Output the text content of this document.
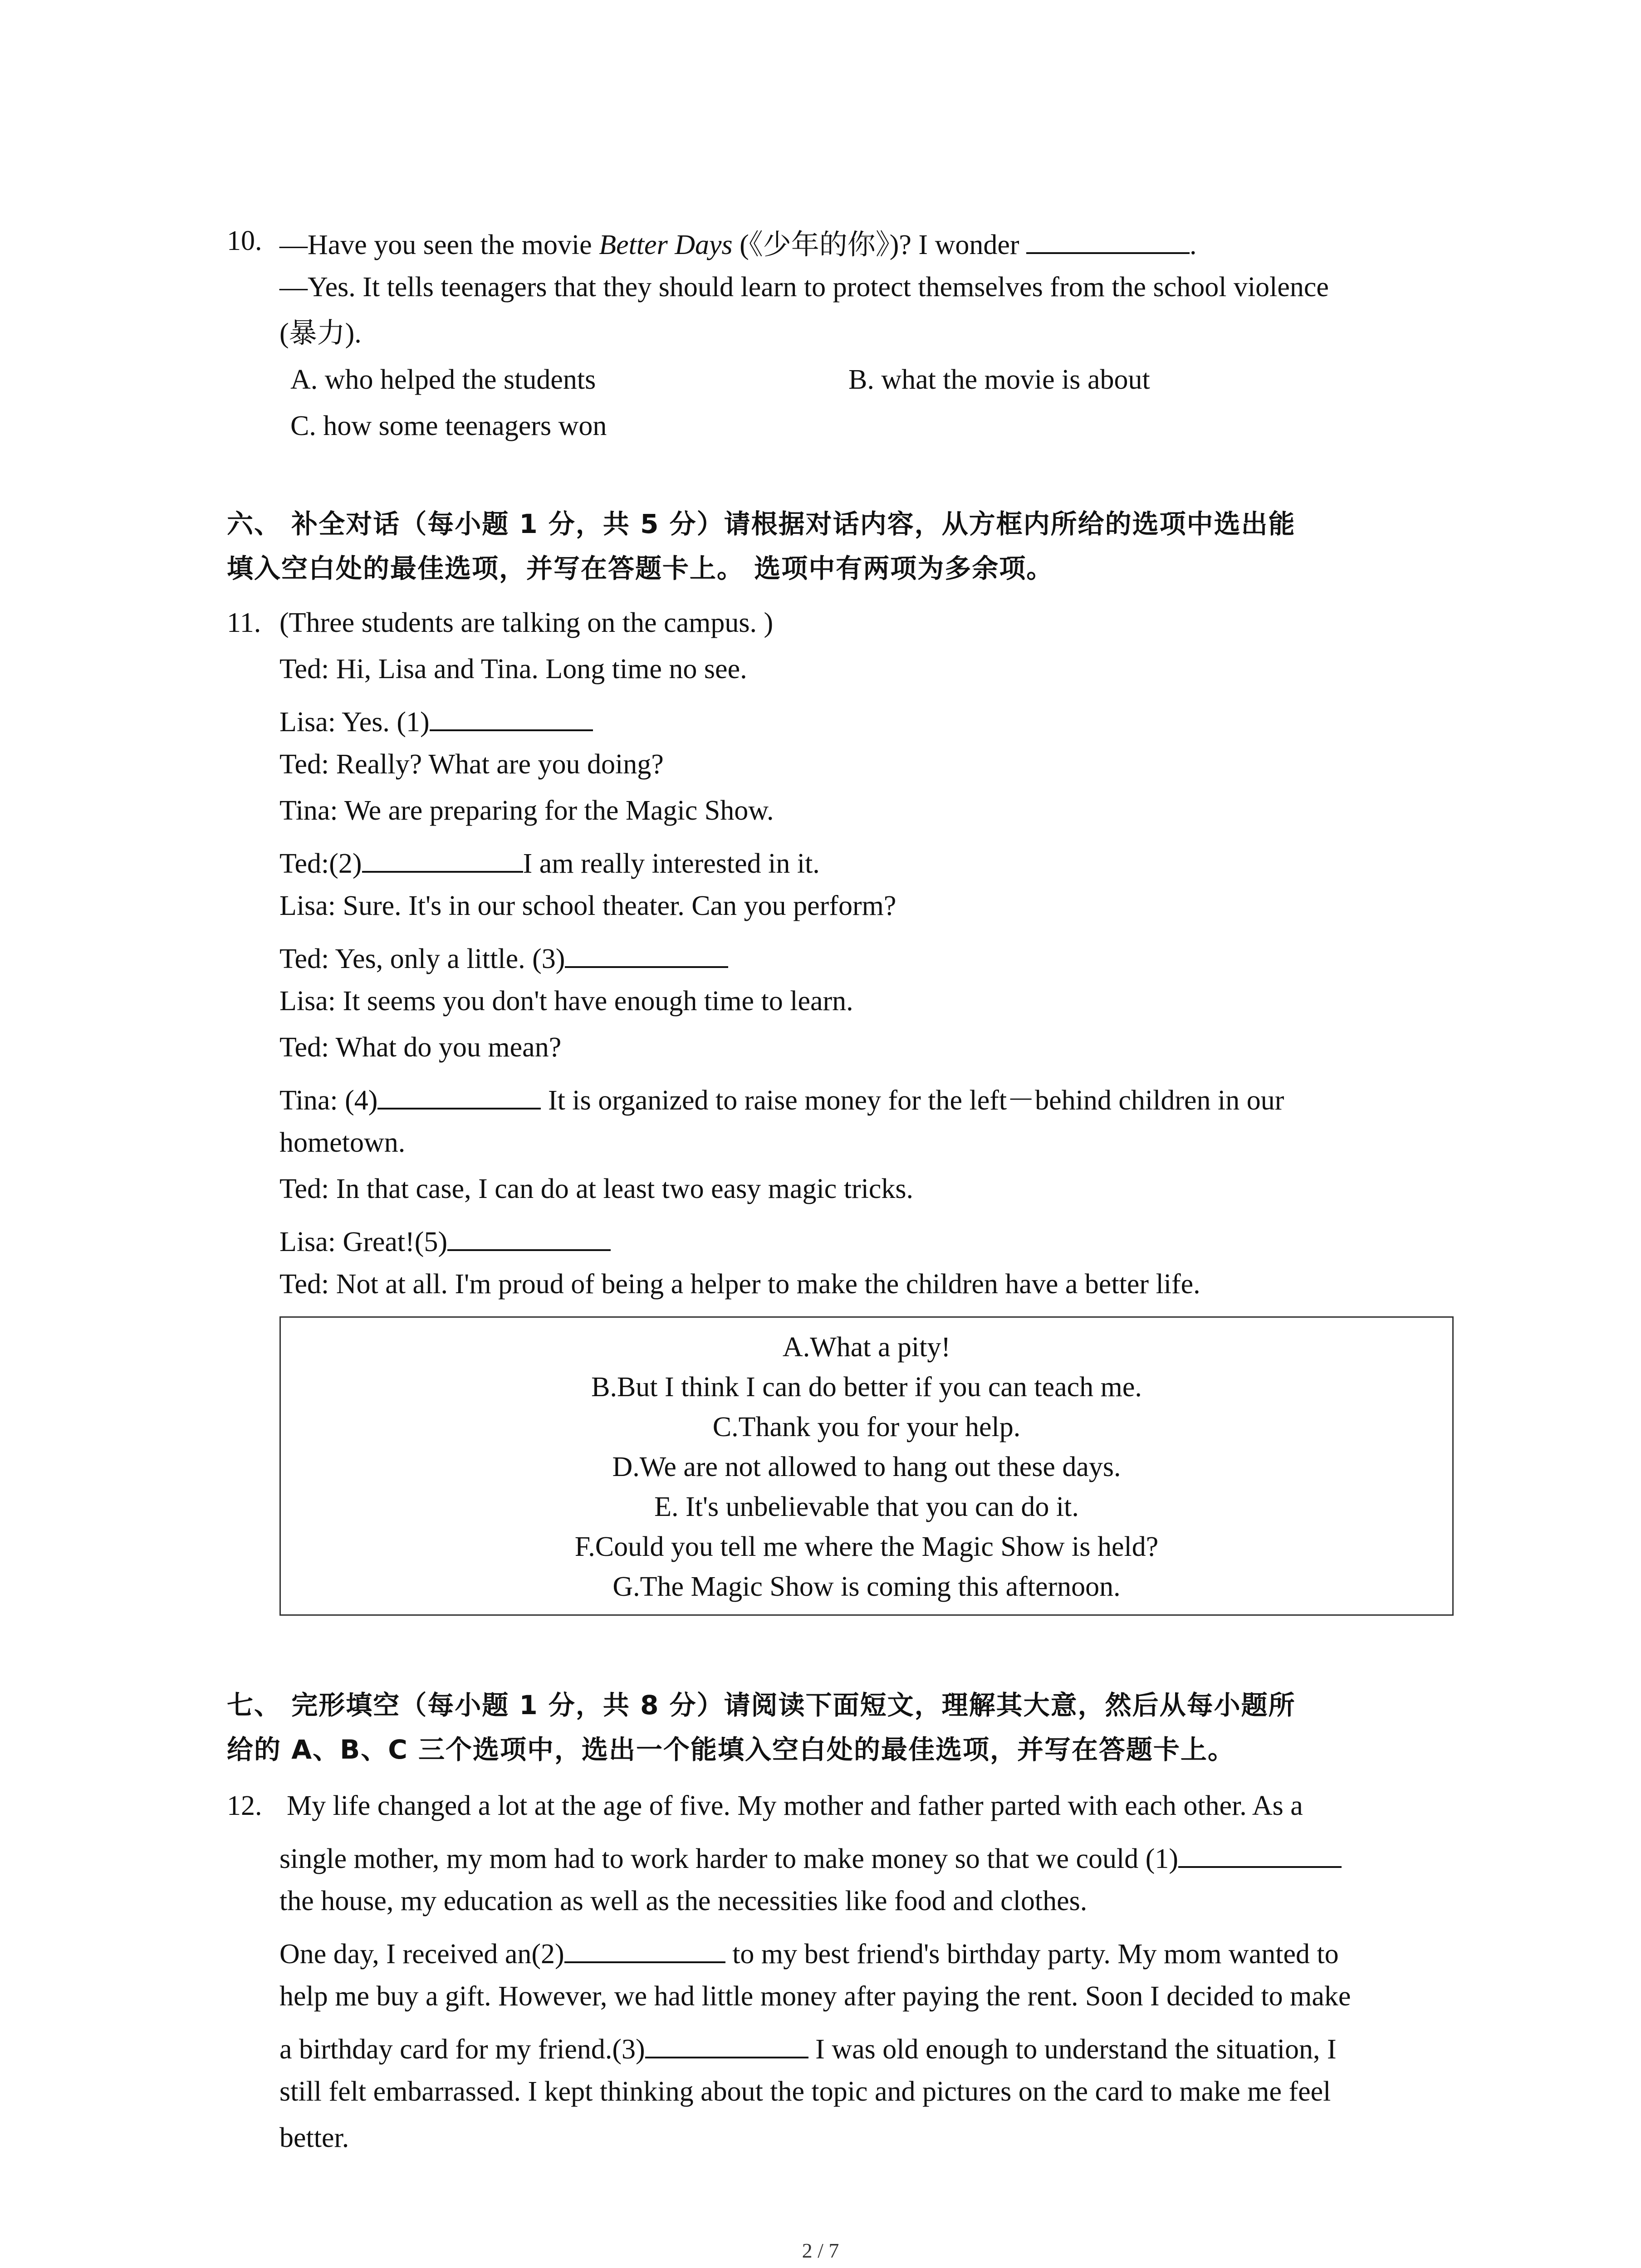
10. —Have you seen the movie Better Days (《少年的你》)? I wonder	.
—Yes. It tells teenagers that they should learn to protect themselves from the school violence
(暴力).
A. who helped the students	B. what the movie is about
C. how some teenagers won
六、 补全对话（每小题 1 分，共 5 分）请根据对话内容，从方框内所给的选项中选出能
填入空白处的最佳选项，并写在答题卡上。 选项中有两项为多余项。
11. (Three students are talking on the campus. )
Ted: Hi, Lisa and Tina. Long time no see.
Lisa: Yes. (1)
Ted: Really? What are you doing?
Tina: We are preparing for the Magic Show.
Ted:(2)	I am really interested in it.
Lisa: Sure. It's in our school theater. Can you perform?
Ted: Yes, only a little. (3)
Lisa: It seems you don't have enough time to learn.
Ted: What do you mean?
Tina: (4)	It is organized to raise money for the left－behind children in our
hometown.
Ted: In that case, I can do at least two easy magic tricks.
Lisa: Great!(5)
Ted: Not at all. I'm proud of being a helper to make the children have a better life.
A.What a pity!
B.But I think I can do better if you can teach me.
C.Thank you for your help.
D.We are not allowed to hang out these days.
E. It's unbelievable that you can do it.
F.Could you tell me where the Magic Show is held?
G.The Magic Show is coming this afternoon.
七、 完形填空（每小题 1 分，共 8 分）请阅读下面短文，理解其大意，然后从每小题所
给的 A、B、C 三个选项中，选出一个能填入空白处的最佳选项，并写在答题卡上。
12. My life changed a lot at the age of five. My mother and father parted with each other. As a
single mother, my mom had to work harder to make money so that we could (1)
the house, my education as well as the necessities like food and clothes.
One day, I received an(2)	to my best friend's birthday party. My mom wanted to
help me buy a gift. However, we had little money after paying the rent. Soon I decided to make
a birthday card for my friend.(3)	I was old enough to understand the situation, I
still felt embarrassed. I kept thinking about the topic and pictures on the card to make me feel
better.
2 / 7
